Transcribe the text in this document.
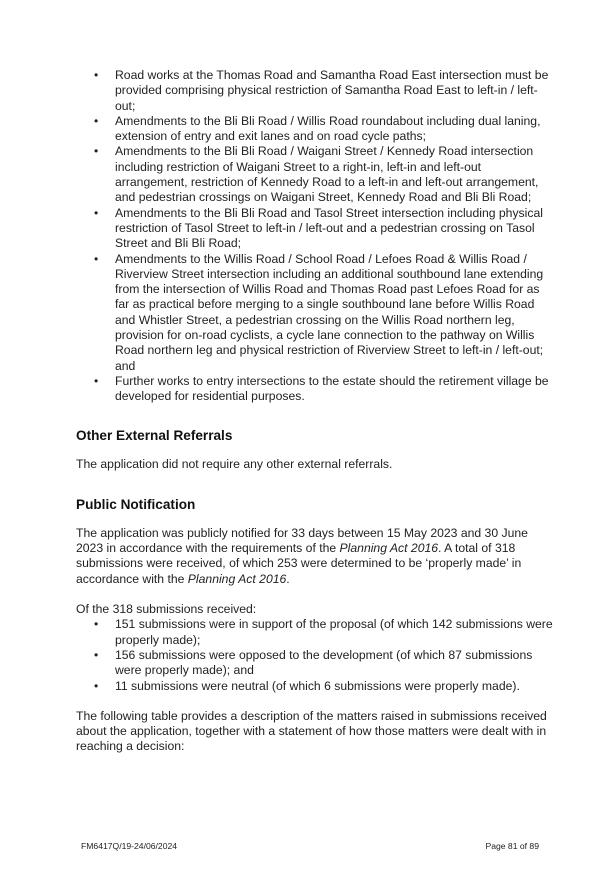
• Road works at the Thomas Road and Samantha Road East intersection must be provided comprising physical restriction of Samantha Road East to left-in / left-out;
• Amendments to the Bli Bli Road / Willis Road roundabout including dual laning, extension of entry and exit lanes and on road cycle paths;
• Amendments to the Bli Bli Road / Waigani Street / Kennedy Road intersection including restriction of Waigani Street to a right-in, left-in and left-out arrangement, restriction of Kennedy Road to a left-in and left-out arrangement, and pedestrian crossings on Waigani Street, Kennedy Road and Bli Bli Road;
• Amendments to the Bli Bli Road and Tasol Street intersection including physical restriction of Tasol Street to left-in / left-out and a pedestrian crossing on Tasol Street and Bli Bli Road;
• Amendments to the Willis Road / School Road / Lefoes Road & Willis Road / Riverview Street intersection including an additional southbound lane extending from the intersection of Willis Road and Thomas Road past Lefoes Road for as far as practical before merging to a single southbound lane before Willis Road and Whistler Street, a pedestrian crossing on the Willis Road northern leg, provision for on-road cyclists, a cycle lane connection to the pathway on Willis Road northern leg and physical restriction of Riverview Street to left-in / left-out; and
• Further works to entry intersections to the estate should the retirement village be developed for residential purposes.
Other External Referrals

The application did not require any other external referrals.

Public Notification

The application was publicly notified for 33 days between 15 May 2023 and 30 June 2023 in accordance with the requirements of the Planning Act 2016. A total of 318 submissions were received, of which 253 were determined to be ‘properly made’ in accordance with the Planning Act 2016.

Of the 318 submissions received:

• 151 submissions were in support of the proposal (of which 142 submissions were properly made);
• 156 submissions were opposed to the development (of which 87 submissions were properly made); and
• 11 submissions were neutral (of which 6 submissions were properly made).

The following table provides a description of the matters raised in submissions received about the application, together with a statement of how those matters were dealt with in reaching a decision:

FM6417Q/19-24/06/2024	Page 81 of 89
